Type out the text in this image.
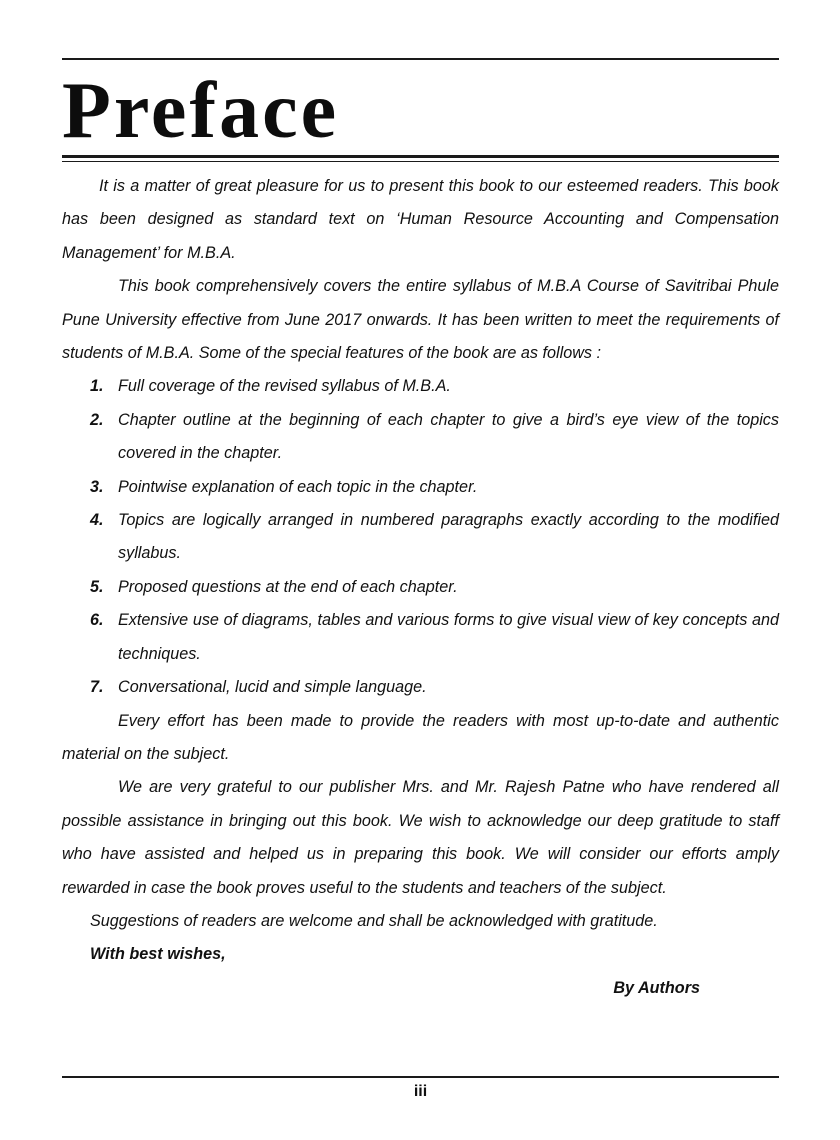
Preface

It is a matter of great pleasure for us to present this book to our esteemed readers. This book has been designed as standard text on ‘Human Resource Accounting and Compensation Management’ for M.B.A.

This book comprehensively covers the entire syllabus of M.B.A Course of Savitribai Phule Pune University effective from June 2017 onwards. It has been written to meet the requirements of students of M.B.A. Some of the special features of the book are as follows :

1. Full coverage of the revised syllabus of M.B.A.
2. Chapter outline at the beginning of each chapter to give a bird’s eye view of the topics covered in the chapter.
3. Pointwise explanation of each topic in the chapter.
4. Topics are logically arranged in numbered paragraphs exactly according to the modified syllabus.
5. Proposed questions at the end of each chapter.
6. Extensive use of diagrams, tables and various forms to give visual view of key concepts and techniques.
7. Conversational, lucid and simple language.

Every effort has been made to provide the readers with most up-to-date and authentic material on the subject.

We are very grateful to our publisher Mrs. and Mr. Rajesh Patne who have rendered all possible assistance in bringing out this book. We wish to acknowledge our deep gratitude to staff who have assisted and helped us in preparing this book. We will consider our efforts amply rewarded in case the book proves useful to the students and teachers of the subject.

Suggestions of readers are welcome and shall be acknowledged with gratitude.

With best wishes,

By Authors

iii
